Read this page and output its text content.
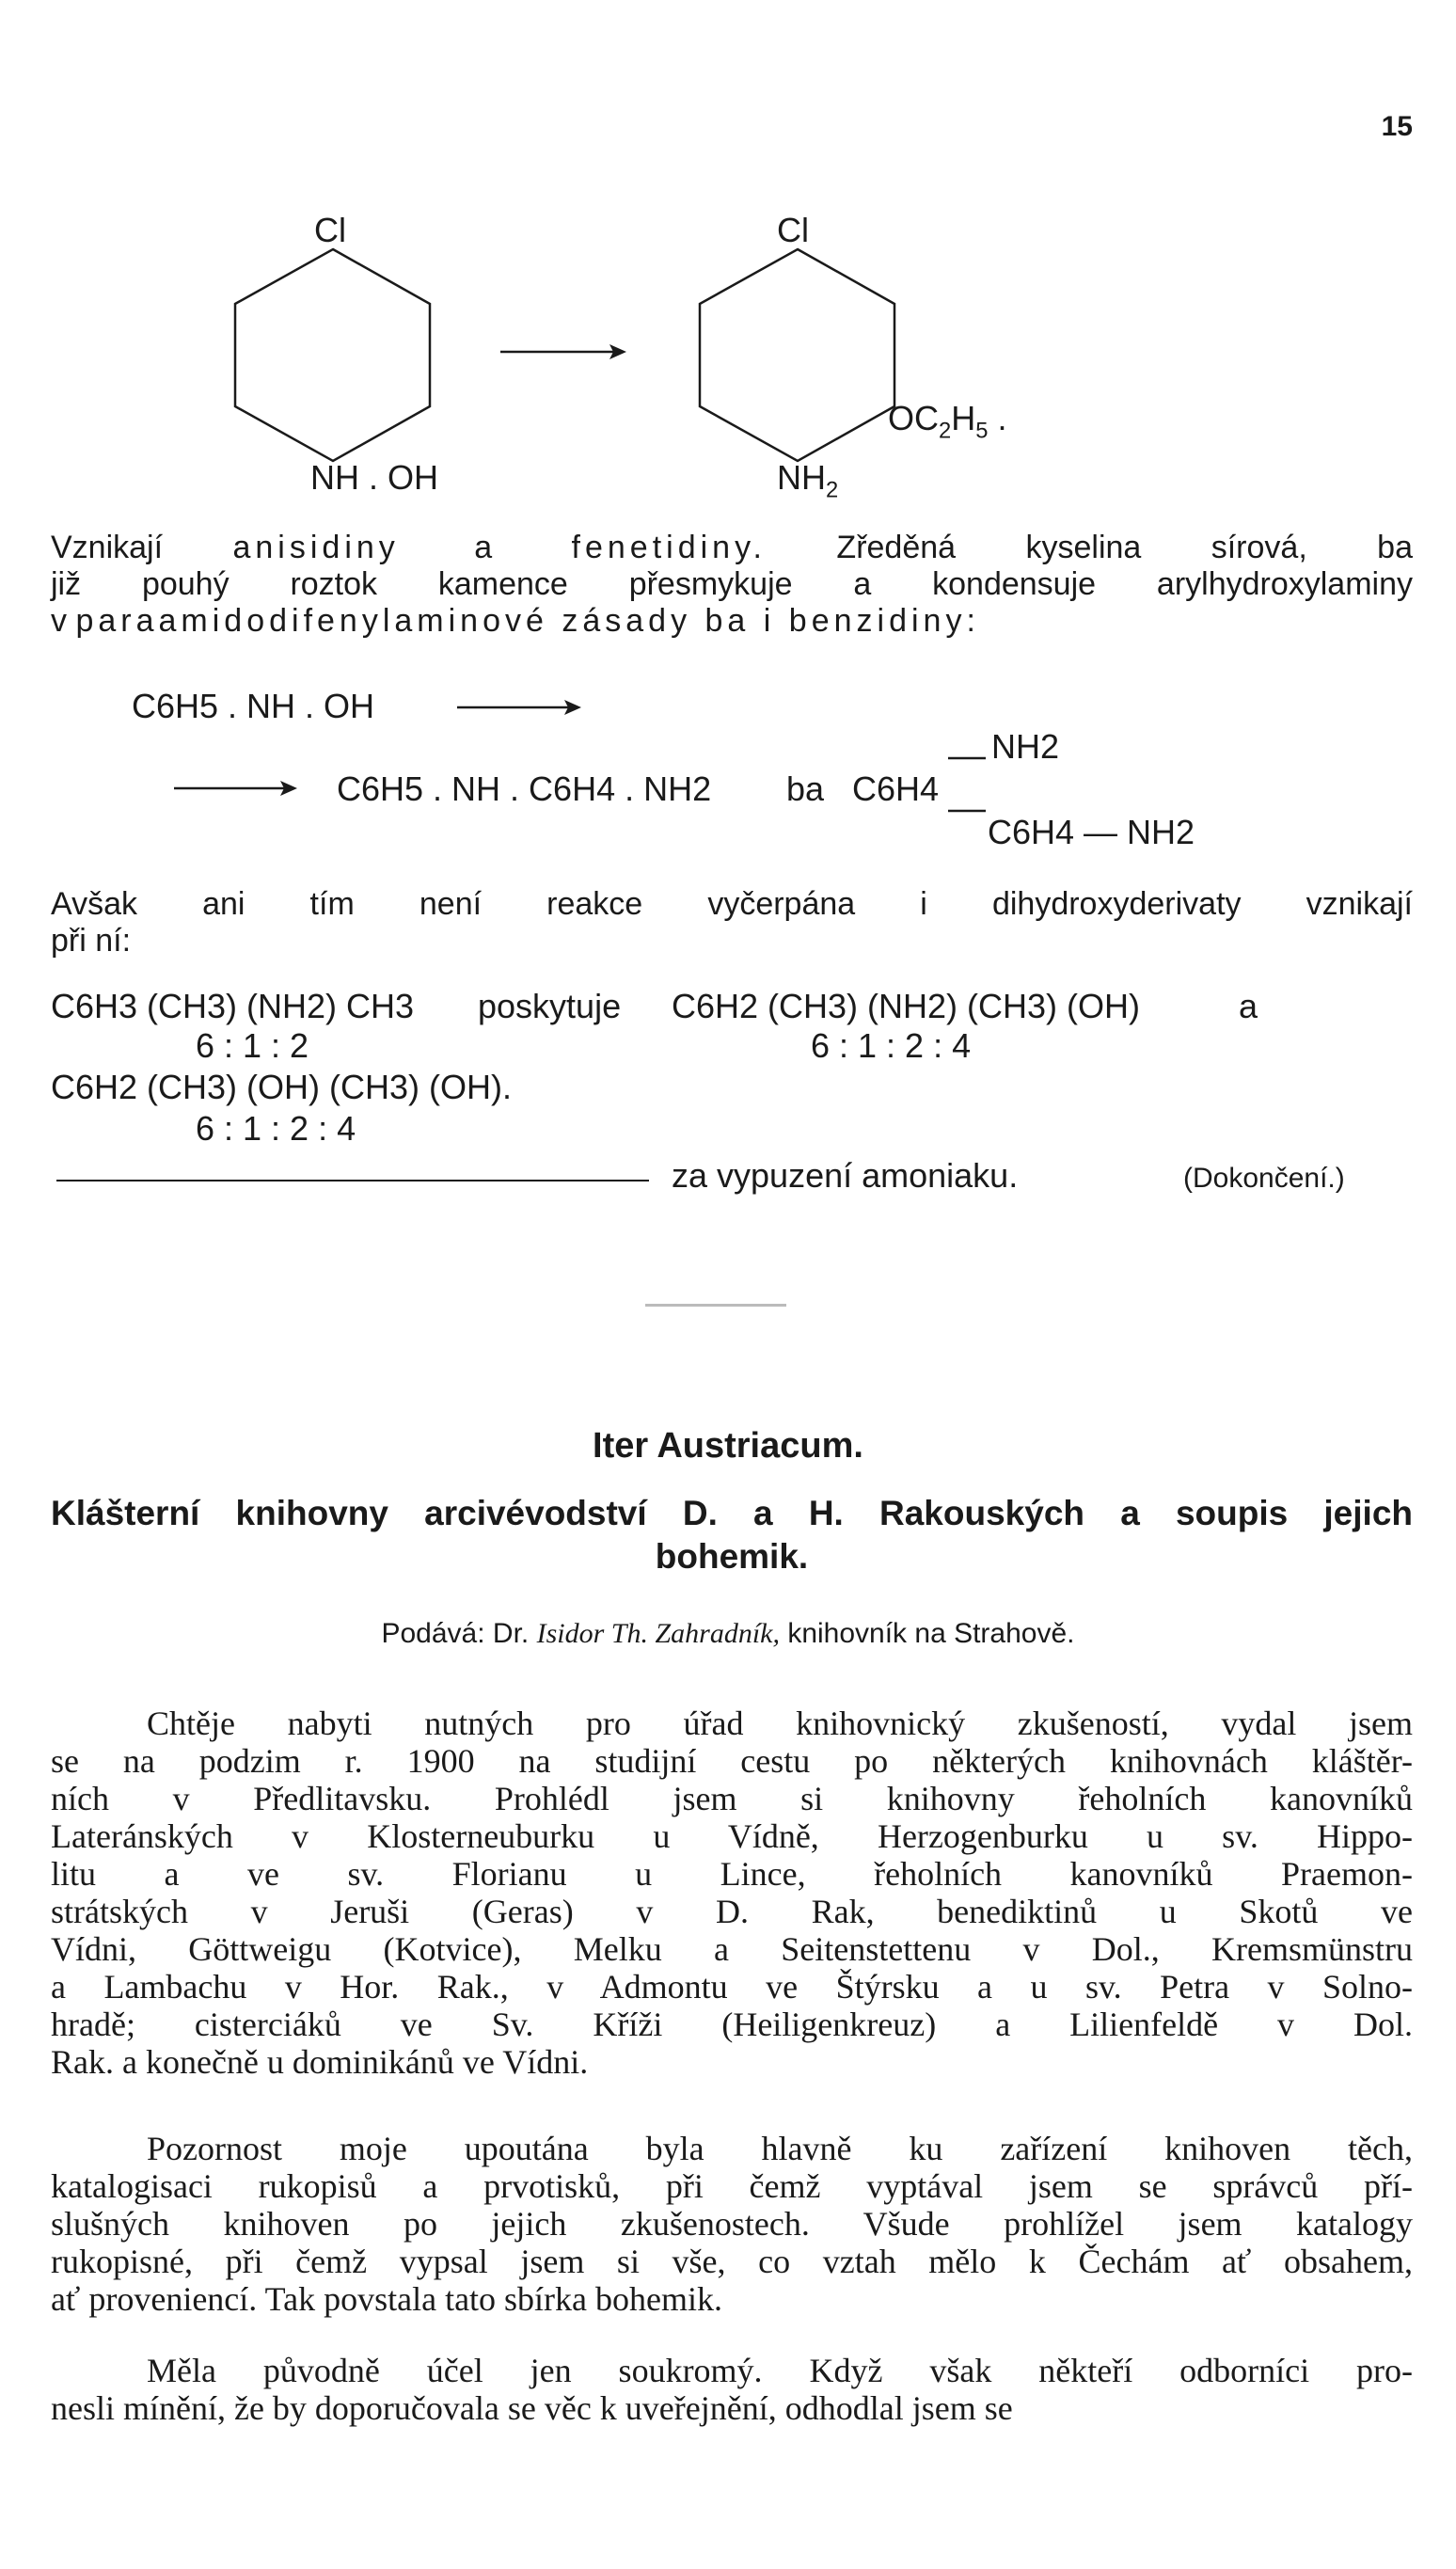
15
Cl
NH . OH
Cl
$NH_2$
$OC_2H_5$ .
Vznikají anisidiny a fenetidiny. Zředěná kyselina sírová, ba
již pouhý roztok kamence přesmykuje a kondensuje arylhydroxylaminy
v paraamidodifenylaminové zásady ba i benzidiny:
C6H5 . NH . OH
C6H5 . NH . C6H4 . NH2 ba C6H4
NH2
C6H4 — NH2
Avšak ani tím není reakce vyčerpána i dihydroxyderivaty vznikají
při ní:
C6H3 (CH3) (NH2) CH3 poskytuje C6H2 (CH3) (NH2) (CH3) (OH)	a
6 : 1 : 2	6 : 1 : 2 : 4
C6H2 (CH3) (OH) (CH3) (OH).
6 : 1 : 2 : 4
za vypuzení amoniaku.	(Dokončení.)
Iter Austriacum.
Klášterní knihovny arcivévodství D. a H. Rakouských a soupis jejich
bohemik.
Podává: Dr. Isidor Th. Zahradník, knihovník na Strahově.
Chtěje nabyti nutných pro úřad knihovnický zkušeností, vydal jsem
se na podzim r. 1900 na studijní cestu po některých knihovnách kláštěr-
ních v Předlitavsku. Prohlédl jsem si knihovny řeholních kanovníků
Lateránských v Klosterneuburku u Vídně, Herzogenburku u sv. Hippo-
litu a ve sv. Florianu u Lince, řeholních kanovníků Praemon-
strátských v Jeruši (Geras) v D. Rak, benediktinů u Skotů ve
Vídni, Göttweigu (Kotvice), Melku a Seitenstettenu v Dol., Kremsmünstru
a Lambachu v Hor. Rak., v Admontu ve Štýrsku a u sv. Petra v Solno-
hradě; cisterciáků ve Sv. Kříži (Heiligenkreuz) a Lilienfeldě v Dol.
Rak. a konečně u dominikánů ve Vídni.
Pozornost moje upoutána byla hlavně ku zařízení knihoven těch,
katalogisaci rukopisů a prvotisků, při čemž vyptával jsem se správců pří-
slušných knihoven po jejich zkušenostech. Všude prohlížel jsem katalogy
rukopisné, při čemž vypsal jsem si vše, co vztah mělo k Čechám ať obsahem,
ať proveniencí. Tak povstala tato sbírka bohemik.
Měla původně účel jen soukromý. Když však někteří odborníci pro-
nesli mínění, že by doporučovala se věc k uveřejnění, odhodlal jsem se
